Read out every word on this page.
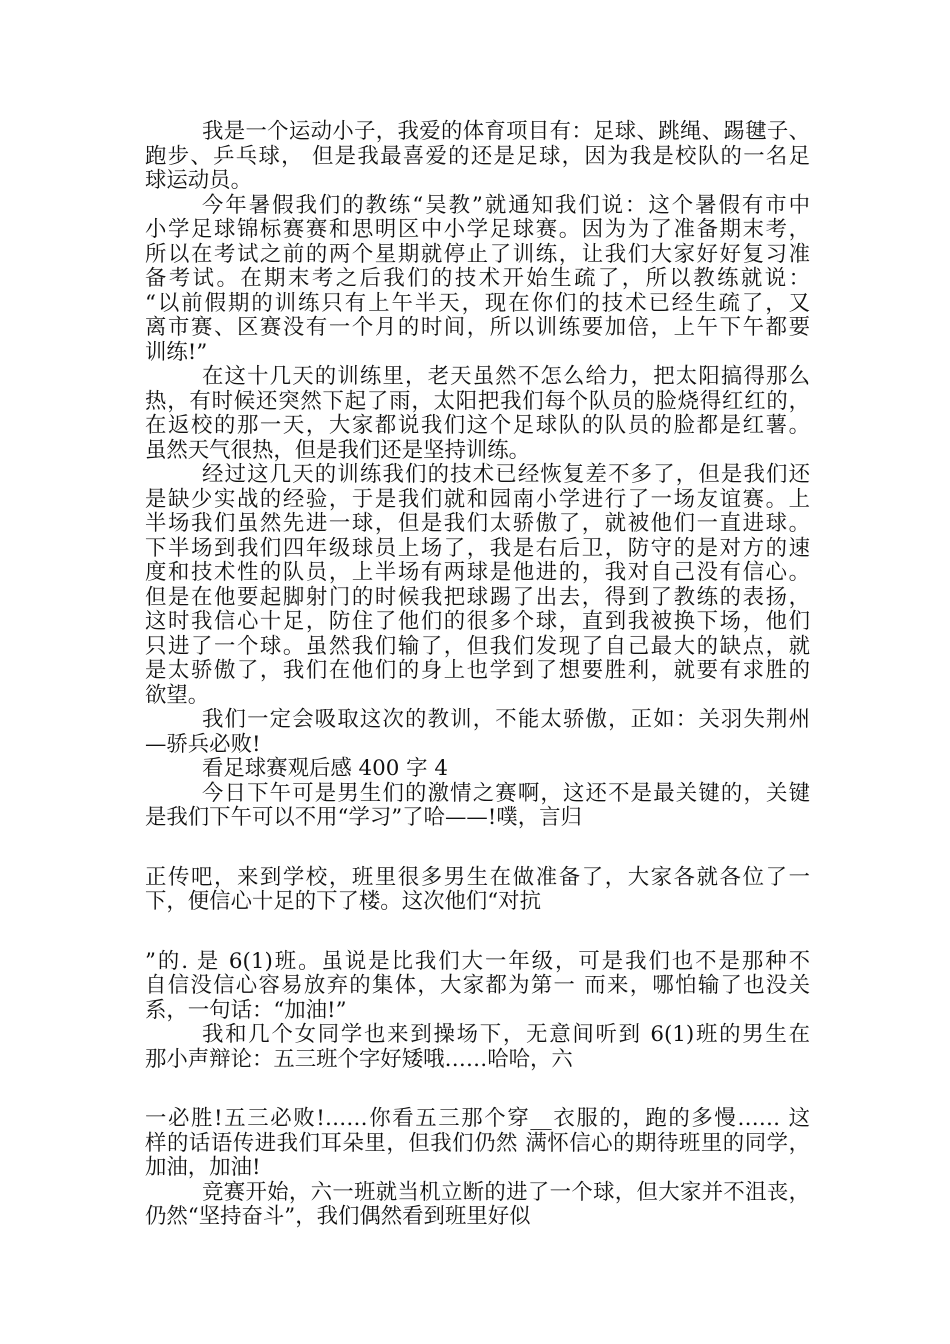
我是一个运动小子，我爱的体育项目有：足球、跳绳、踢毽子、
跑步、乒乓球， 但是我最喜爱的还是足球，因为我是校队的一名足
球运动员。
今年暑假我们的教练“吴教”就通知我们说：这个暑假有市中
小学足球锦标赛赛和思明区中小学足球赛。因为为了准备期末考，
所以在考试之前的两个星期就停止了训练，让我们大家好好复习准
备考试。在期末考之后我们的技术开始生疏了，所以教练就说：
“以前假期的训练只有上午半天，现在你们的技术已经生疏了，又
离市赛、区赛没有一个月的时间，所以训练要加倍，上午下午都要
训练!”
在这十几天的训练里，老天虽然不怎么给力，把太阳搞得那么
热，有时候还突然下起了雨，太阳把我们每个队员的脸烧得红红的，
在返校的那一天，大家都说我们这个足球队的队员的脸都是红薯。
虽然天气很热，但是我们还是坚持训练。
经过这几天的训练我们的技术已经恢复差不多了，但是我们还
是缺少实战的经验，于是我们就和园南小学进行了一场友谊赛。上
半场我们虽然先进一球，但是我们太骄傲了，就被他们一直进球。
下半场到我们四年级球员上场了，我是右后卫，防守的是对方的速
度和技术性的队员，上半场有两球是他进的，我对自己没有信心。
但是在他要起脚射门的时候我把球踢了出去，得到了教练的表扬，
这时我信心十足，防住了他们的很多个球，直到我被换下场，他们
只进了一个球。虽然我们输了，但我们发现了自己最大的缺点，就
是太骄傲了，我们在他们的身上也学到了想要胜利，就要有求胜的
欲望。
我们一定会吸取这次的教训，不能太骄傲，正如：关羽失荆州
—骄兵必败!
看足球赛观后感 400 字 4
今日下午可是男生们的激情之赛啊，这还不是最关键的，关键
是我们下午可以不用“学习”了哈——!噗，言归
正传吧，来到学校，班里很多男生在做准备了，大家各就各位了一
下，便信心十足的下了楼。这次他们“对抗
”的. 是 6(1)班。虽说是比我们大一年级，可是我们也不是那种不
自信没信心容易放弃的集体，大家都为第一 而来，哪怕输了也没关
系，一句话：“加油!”
我和几个女同学也来到操场下，无意间听到 6(1)班的男生在
那小声辩论：五三班个字好矮哦……哈哈，六
一必胜!五三必败!……你看五三那个穿__衣服的，跑的多慢…… 这
样的话语传进我们耳朵里，但我们仍然 满怀信心的期待班里的同学，
加油，加油!
竞赛开始，六一班就当机立断的进了一个球，但大家并不沮丧，
仍然“坚持奋斗”，我们偶然看到班里好似
